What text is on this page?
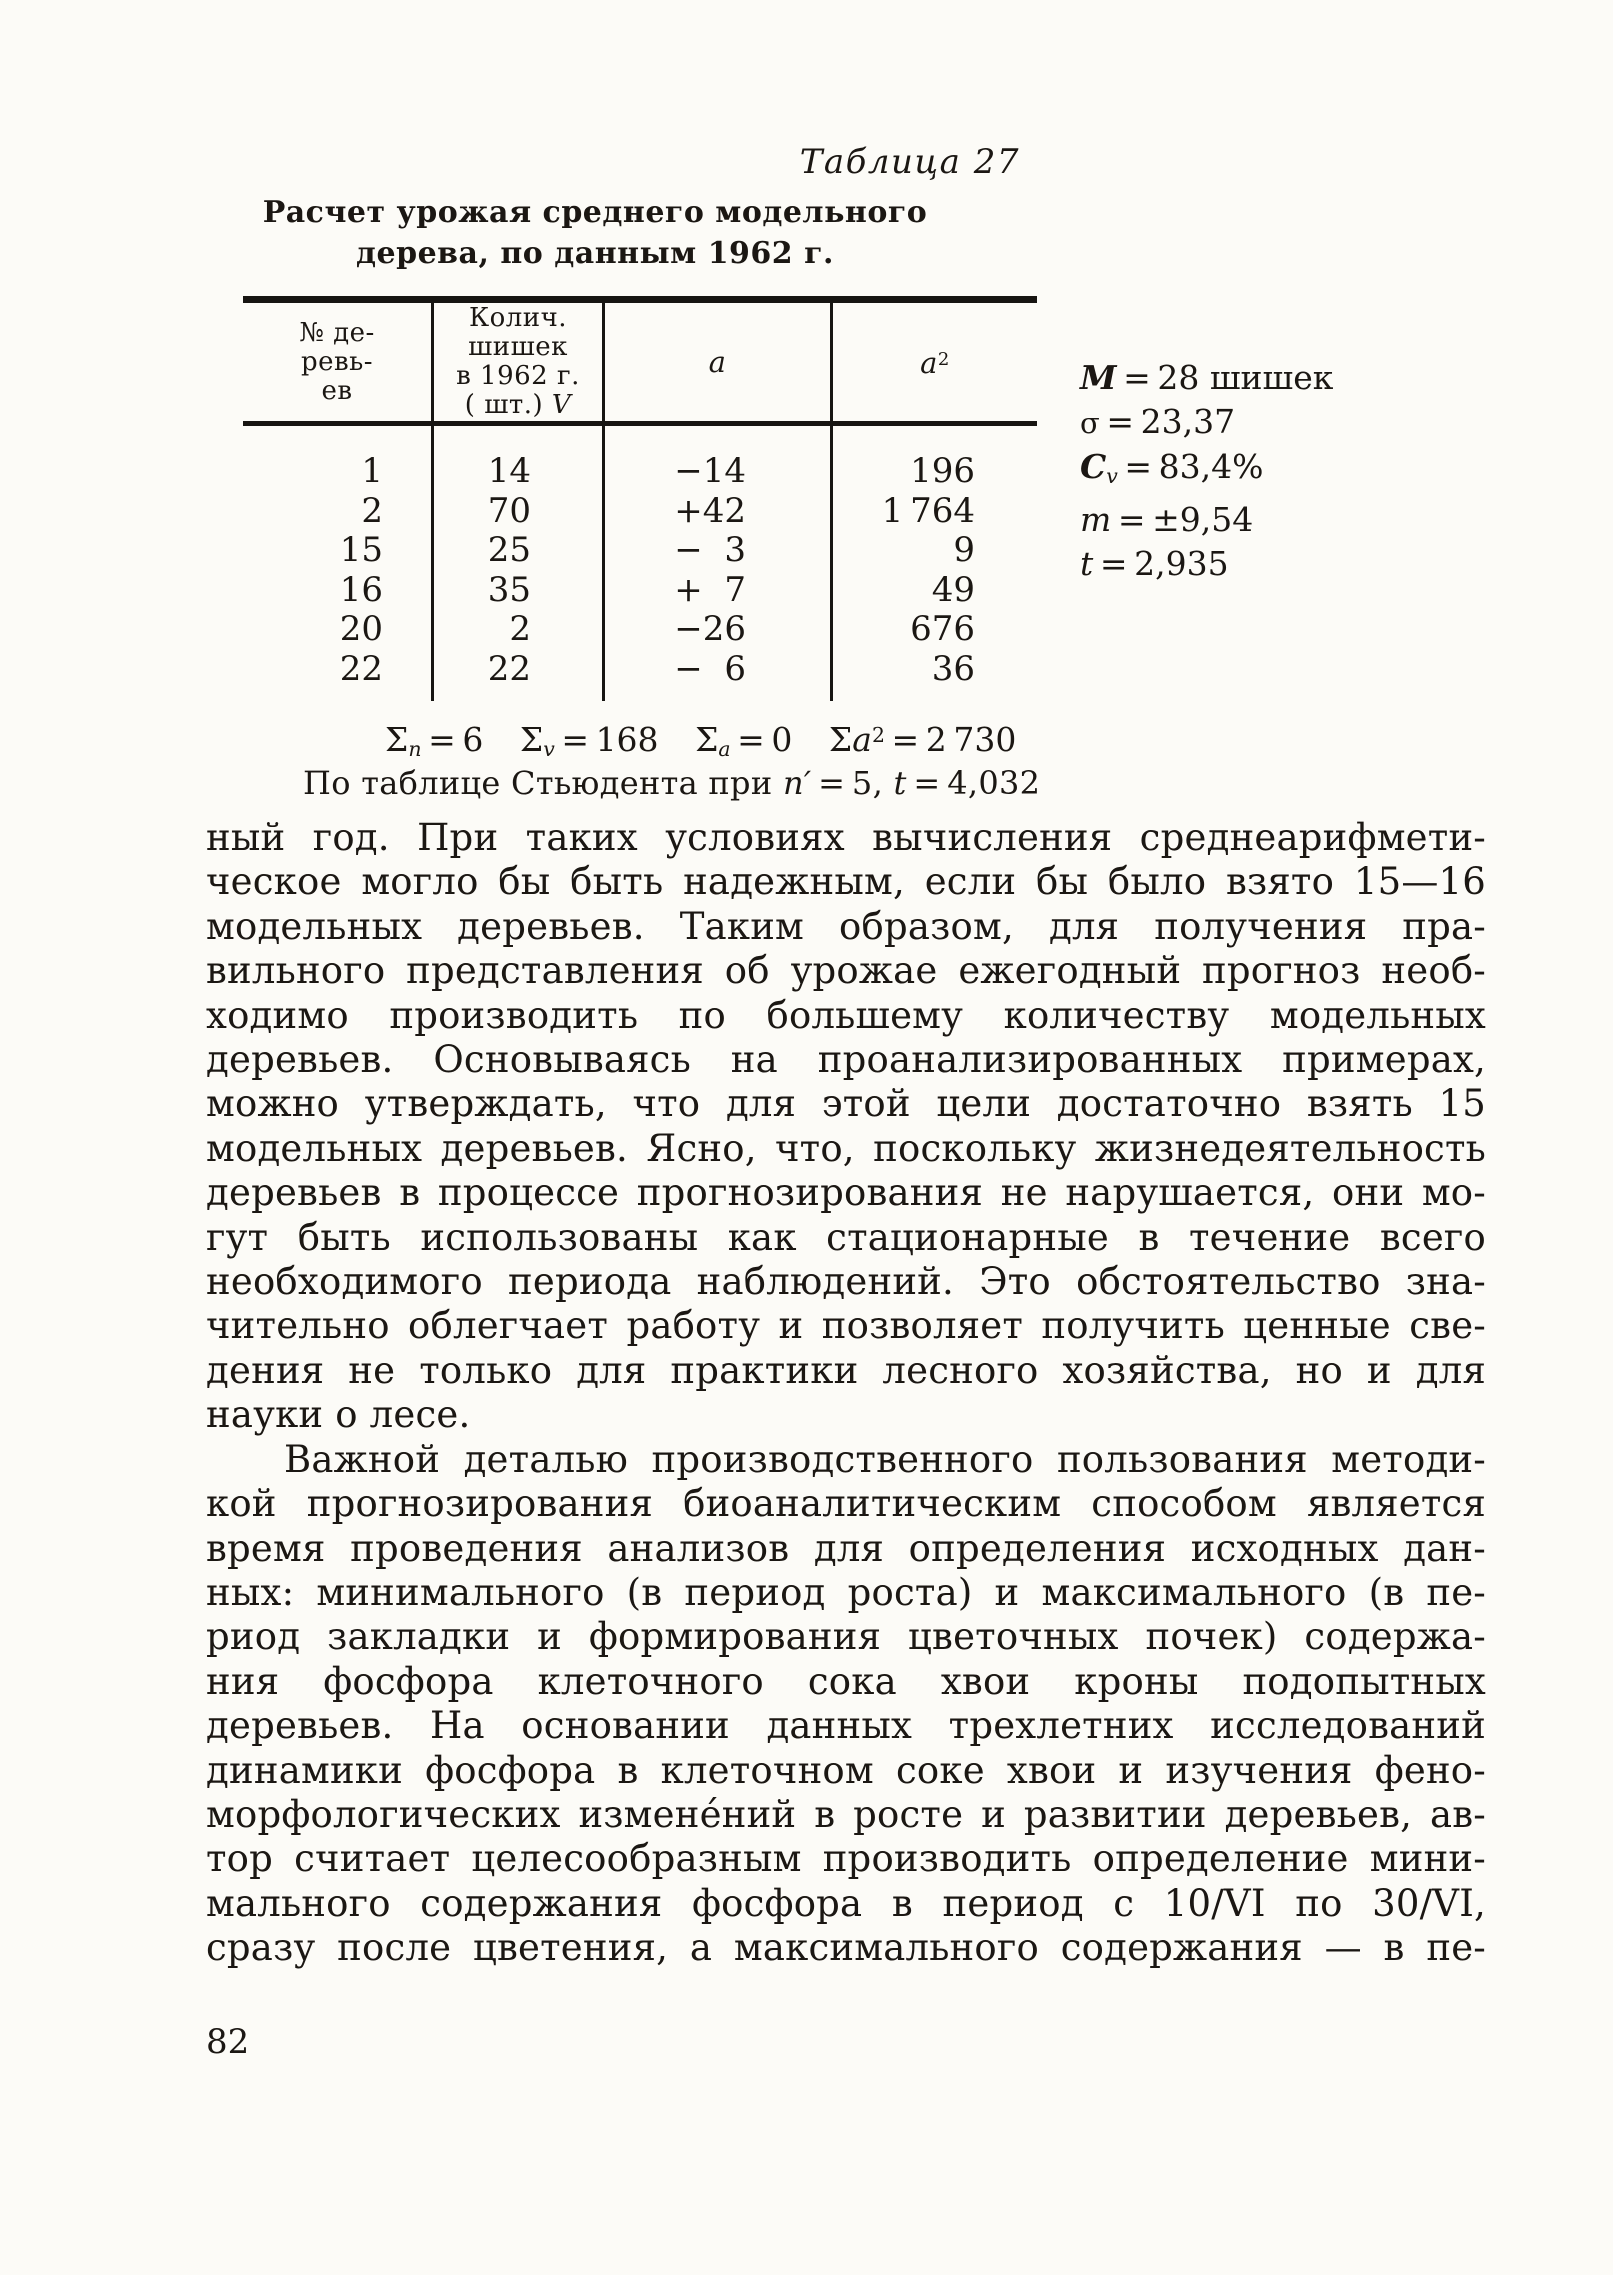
Таблица 27
Расчет урожая среднего модельного
дерева, по данным 1962 г.
№ де-
ревь-
ев
Колич.
шишек
в 1962 г.
( шт.) V
a	$a^2$
1
2
15
16
20
22
14
70
25
35
2
22
−14
+42
− 3
+ 7
−26
− 6
196
1 764
9
49
676
36
$\Sigma_n = 6$ $\Sigma_v = 168$ $\Sigma_a = 0$ $\Sigma a^2 = 2$ 730
По таблице Стьюдента при n′ = 5, t = 4,032
M = 28 шишек
σ = 23,37
$C_v = 83,4\%$
m = ±9,54
t = 2,935
ный год. При таких условиях вычисления среднеарифмети-
ческое могло бы быть надежным, если бы было взято 15—16
модельных деревьев. Таким образом, для получения пра-
вильного представления об урожае ежегодный прогноз необ-
ходимо производить по большему количеству модельных
деревьев. Основываясь на проанализированных примерах,
можно утверждать, что для этой цели достаточно взять 15
модельных деревьев. Ясно, что, поскольку жизнедеятельность
деревьев в процессе прогнозирования не нарушается, они мо-
гут быть использованы как стационарные в течение всего
необходимого периода наблюдений. Это обстоятельство зна-
чительно облегчает работу и позволяет получить ценные све-
дения не только для практики лесного хозяйства, но и для
науки о лесе.
Важной деталью производственного пользования методи-
кой прогнозирования биоаналитическим способом является
время проведения анализов для определения исходных дан-
ных: минимального (в период роста) и максимального (в пе-
риод закладки и формирования цветочных почек) содержа-
ния фосфора клеточного сока хвои кроны подопытных
деревьев. На основании данных трехлетних исследований
динамики фосфора в клеточном соке хвои и изучения фено-
морфологических измене́ний в росте и развитии деревьев, ав-
тор считает целесообразным производить определение мини-
мального содержания фосфора в период с 10/VI по 30/VI,
сразу после цветения, а максимального содержания — в пе-
82
